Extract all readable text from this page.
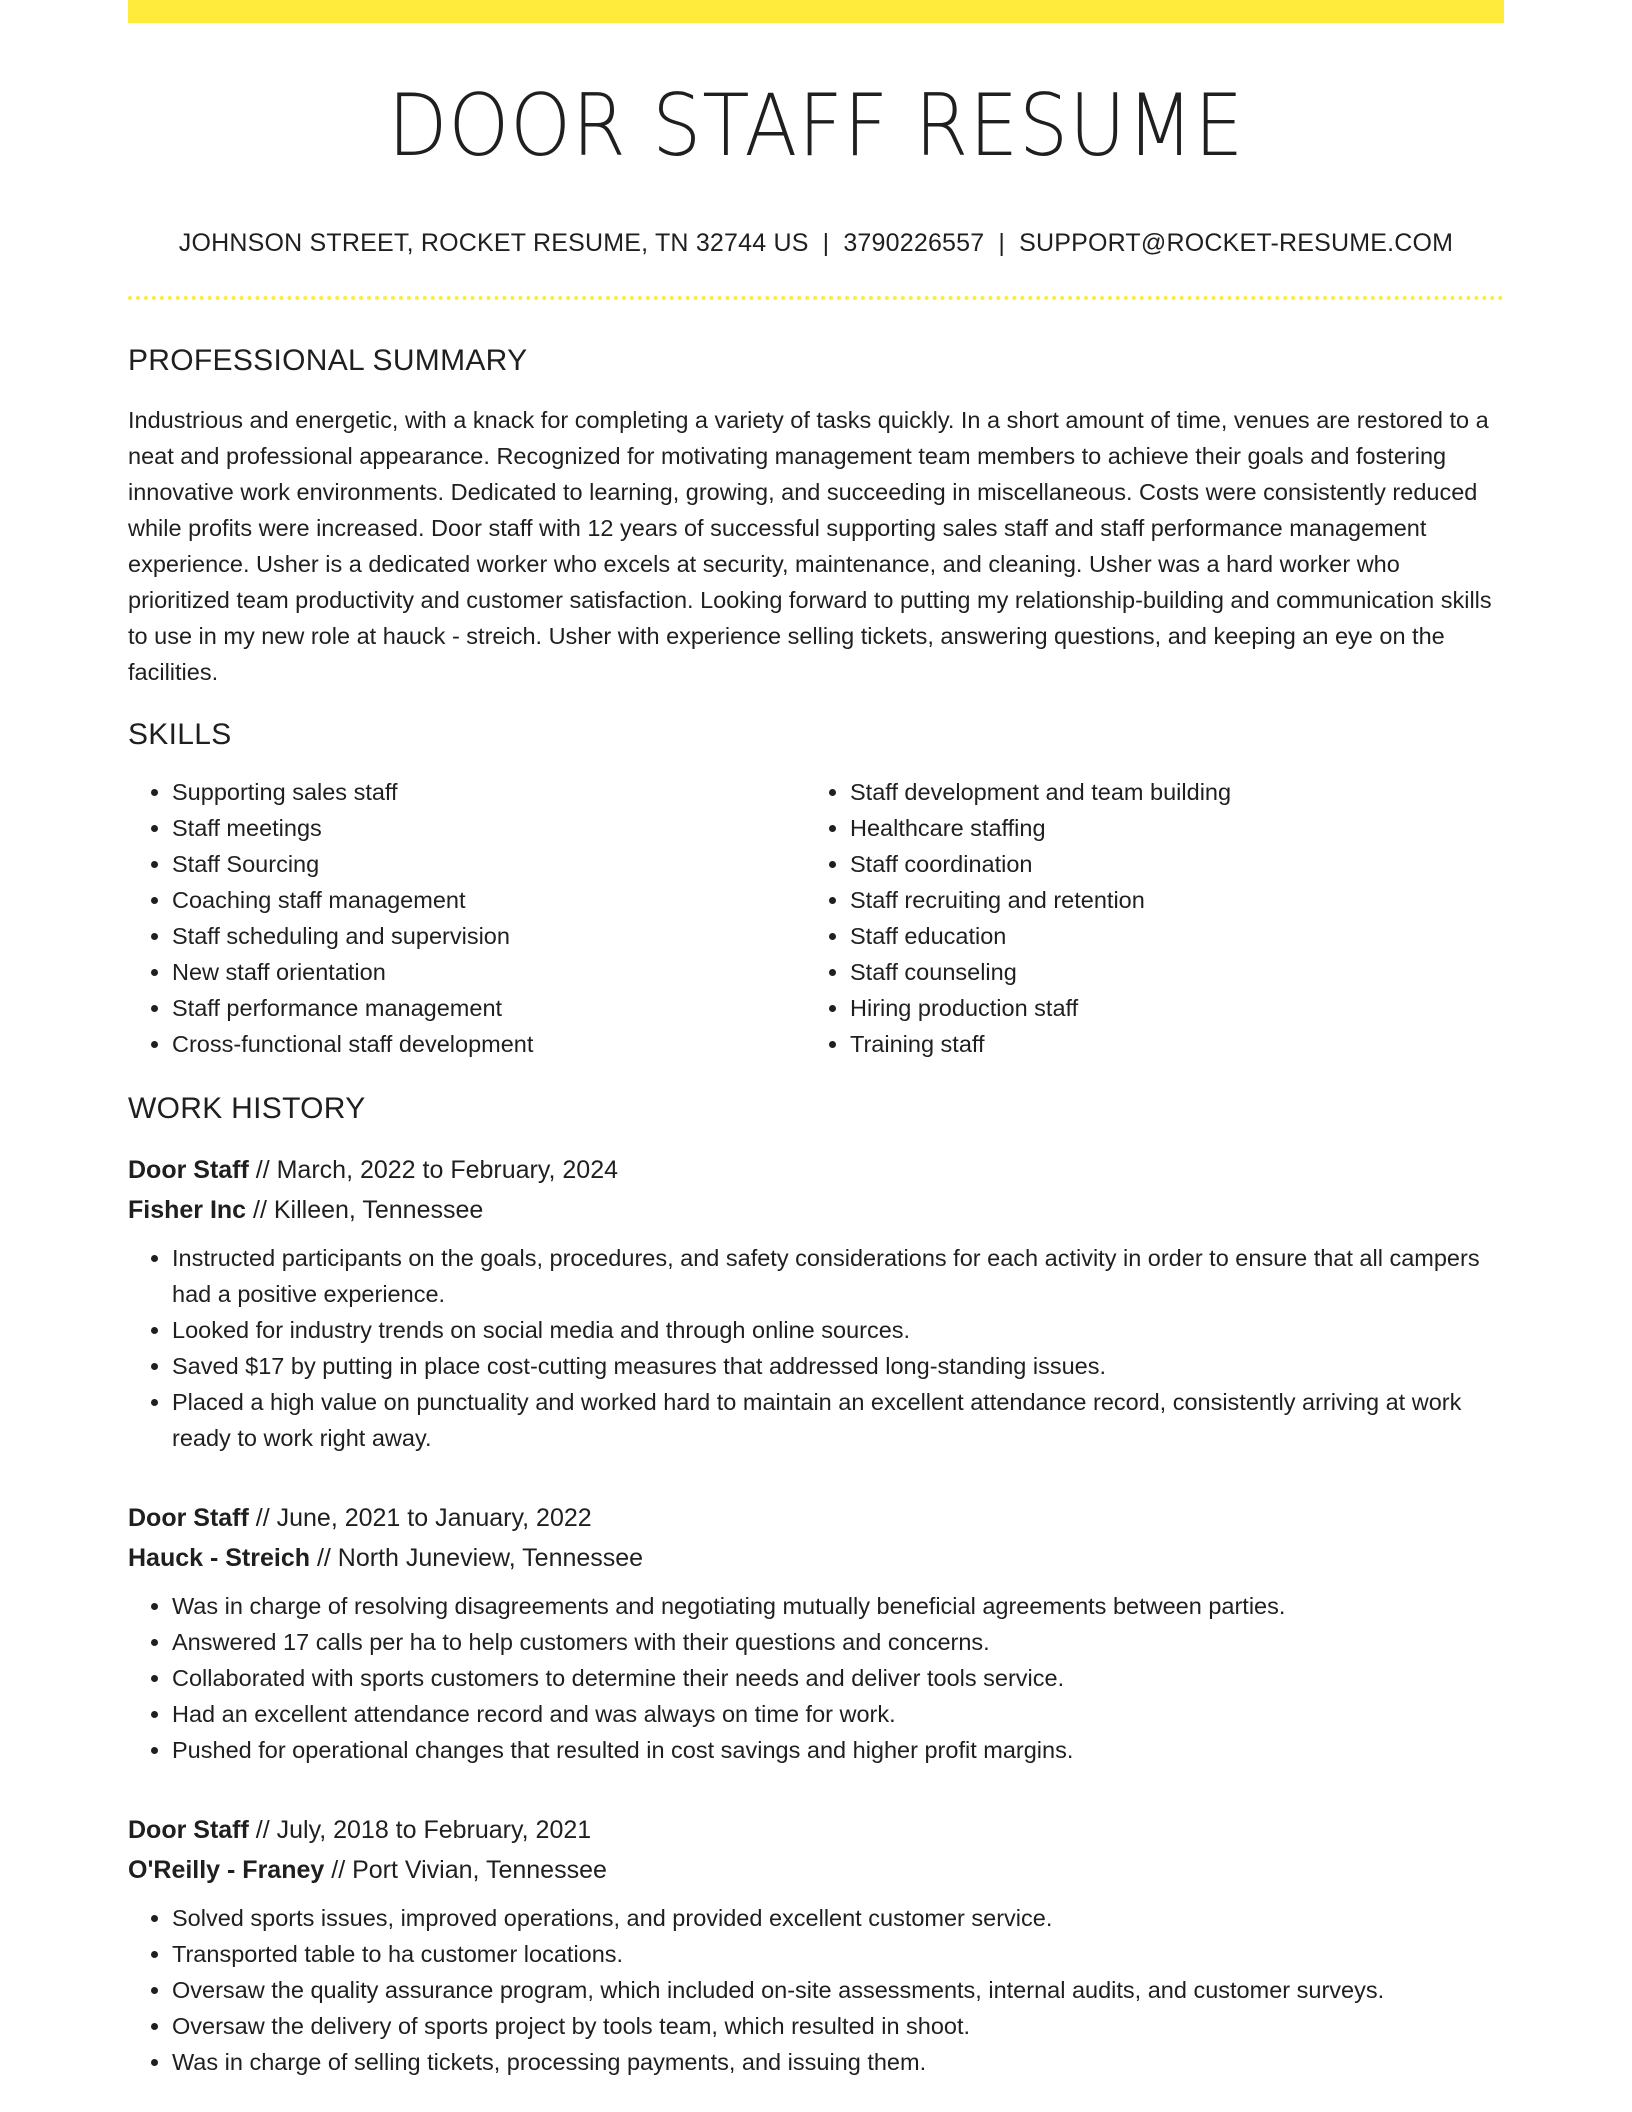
DOOR STAFF RESUME
JOHNSON STREET, ROCKET RESUME, TN 32744 US | 3790226557 | SUPPORT@ROCKET-RESUME.COM
PROFESSIONAL SUMMARY

Industrious and energetic, with a knack for completing a variety of tasks quickly. In a short amount of time, venues are restored to a neat and professional appearance. Recognized for motivating management team members to achieve their goals and fostering innovative work environments. Dedicated to learning, growing, and succeeding in miscellaneous. Costs were consistently reduced while profits were increased. Door staff with 12 years of successful supporting sales staff and staff performance management experience. Usher is a dedicated worker who excels at security, maintenance, and cleaning. Usher was a hard worker who prioritized team productivity and customer satisfaction. Looking forward to putting my relationship-building and communication skills to use in my new role at hauck - streich. Usher with experience selling tickets, answering questions, and keeping an eye on the facilities.

SKILLS
• Supporting sales staff
• Staff meetings
• Staff Sourcing
• Coaching staff management
• Staff scheduling and supervision
• New staff orientation
• Staff performance management
• Cross-functional staff development
• Staff development and team building
• Healthcare staffing
• Staff coordination
• Staff recruiting and retention
• Staff education
• Staff counseling
• Hiring production staff
• Training staff
WORK HISTORY
Door Staff // March, 2022 to February, 2024
Fisher Inc // Killeen, Tennessee
• Instructed participants on the goals, procedures, and safety considerations for each activity in order to ensure that all campers had a positive experience.
• Looked for industry trends on social media and through online sources.
• Saved $17 by putting in place cost-cutting measures that addressed long-standing issues.
• Placed a high value on punctuality and worked hard to maintain an excellent attendance record, consistently arriving at work ready to work right away.
Door Staff // June, 2021 to January, 2022
Hauck - Streich // North Juneview, Tennessee
• Was in charge of resolving disagreements and negotiating mutually beneficial agreements between parties.
• Answered 17 calls per ha to help customers with their questions and concerns.
• Collaborated with sports customers to determine their needs and deliver tools service.
• Had an excellent attendance record and was always on time for work.
• Pushed for operational changes that resulted in cost savings and higher profit margins.
Door Staff // July, 2018 to February, 2021
O'Reilly - Franey // Port Vivian, Tennessee
• Solved sports issues, improved operations, and provided excellent customer service.
• Transported table to ha customer locations.
• Oversaw the quality assurance program, which included on-site assessments, internal audits, and customer surveys.
• Oversaw the delivery of sports project by tools team, which resulted in shoot.
• Was in charge of selling tickets, processing payments, and issuing them.
